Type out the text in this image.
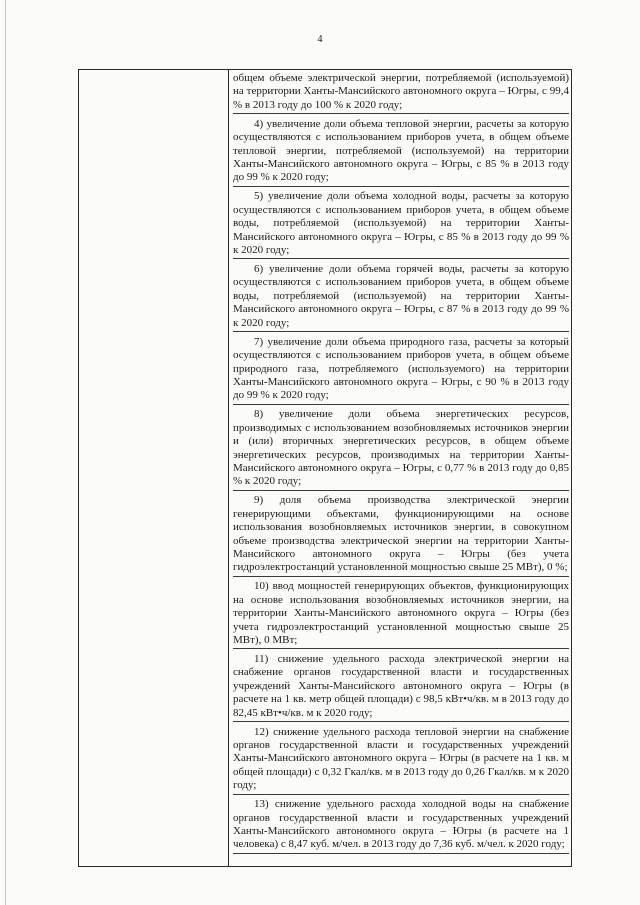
4

общем объеме электрической энергии, потребляемой (используемой) на территории Ханты-Мансийского автономного округа – Югры, с 99,4 % в 2013 году до 100 % к 2020 году;

4) увеличение доли объема тепловой энергии, расчеты за которую осуществляются с использованием приборов учета, в общем объеме тепловой энергии, потребляемой (используемой) на территории Ханты-Мансийского автономного округа – Югры, с 85 % в 2013 году до 99 % к 2020 году;

5) увеличение доли объема холодной воды, расчеты за которую осуществляются с использованием приборов учета, в общем объеме воды, потребляемой (используемой) на территории Ханты-Мансийского автономного округа – Югры, с 85 % в 2013 году до 99 % к 2020 году;

6) увеличение доли объема горячей воды, расчеты за которую осуществляются с использованием приборов учета, в общем объеме воды, потребляемой (используемой) на территории Ханты-Мансийского автономного округа – Югры, с 87 % в 2013 году до 99 % к 2020 году;

7) увеличение доли объема природного газа, расчеты за который осуществляются с использованием приборов учета, в общем объеме природного газа, потребляемого (используемого) на территории Ханты-Мансийского автономного округа – Югры, с 90 % в 2013 году до 99 % к 2020 году;

8) увеличение доли объема энергетических ресурсов, производимых с использованием возобновляемых источников энергии и (или) вторичных энергетических ресурсов, в общем объеме энергетических ресурсов, производимых на территории Ханты-Мансийского автономного округа – Югры, с 0,77 % в 2013 году до 0,85 % к 2020 году;

9) доля объема производства электрической энергии генерирующими объектами, функционирующими на основе использования возобновляемых источников энергии, в совокупном объеме производства электрической энергии на территории Ханты-Мансийского автономного округа – Югры (без учета гидроэлектростанций установленной мощностью свыше 25 МВт), 0 %;

10) ввод мощностей генерирующих объектов, функционирующих на основе использования возобновляемых источников энергии, на территории Ханты-Мансийского автономного округа – Югры (без учета гидроэлектростанций установленной мощностью свыше 25 МВт), 0 МВт;

11) снижение удельного расхода электрической энергии на снабжение органов государственной власти и государственных учреждений Ханты-Мансийского автономного округа – Югры (в расчете на 1 кв. метр общей площади) с 98,5 кВт•ч/кв. м в 2013 году до 82,45 кВт•ч/кв. м к 2020 году;

12) снижение удельного расхода тепловой энергии на снабжение органов государственной власти и государственных учреждений Ханты-Мансийского автономного округа – Югры (в расчете на 1 кв. м общей площади) с 0,32 Гкал/кв. м в 2013 году до 0,26 Гкал/кв. м к 2020 году;

13) снижение удельного расхода холодной воды на снабжение органов государственной власти и государственных учреждений Ханты-Мансийского автономного округа – Югры (в расчете на 1 человека) с 8,47 куб. м/чел. в 2013 году до 7,36 куб. м/чел. к 2020 году;
